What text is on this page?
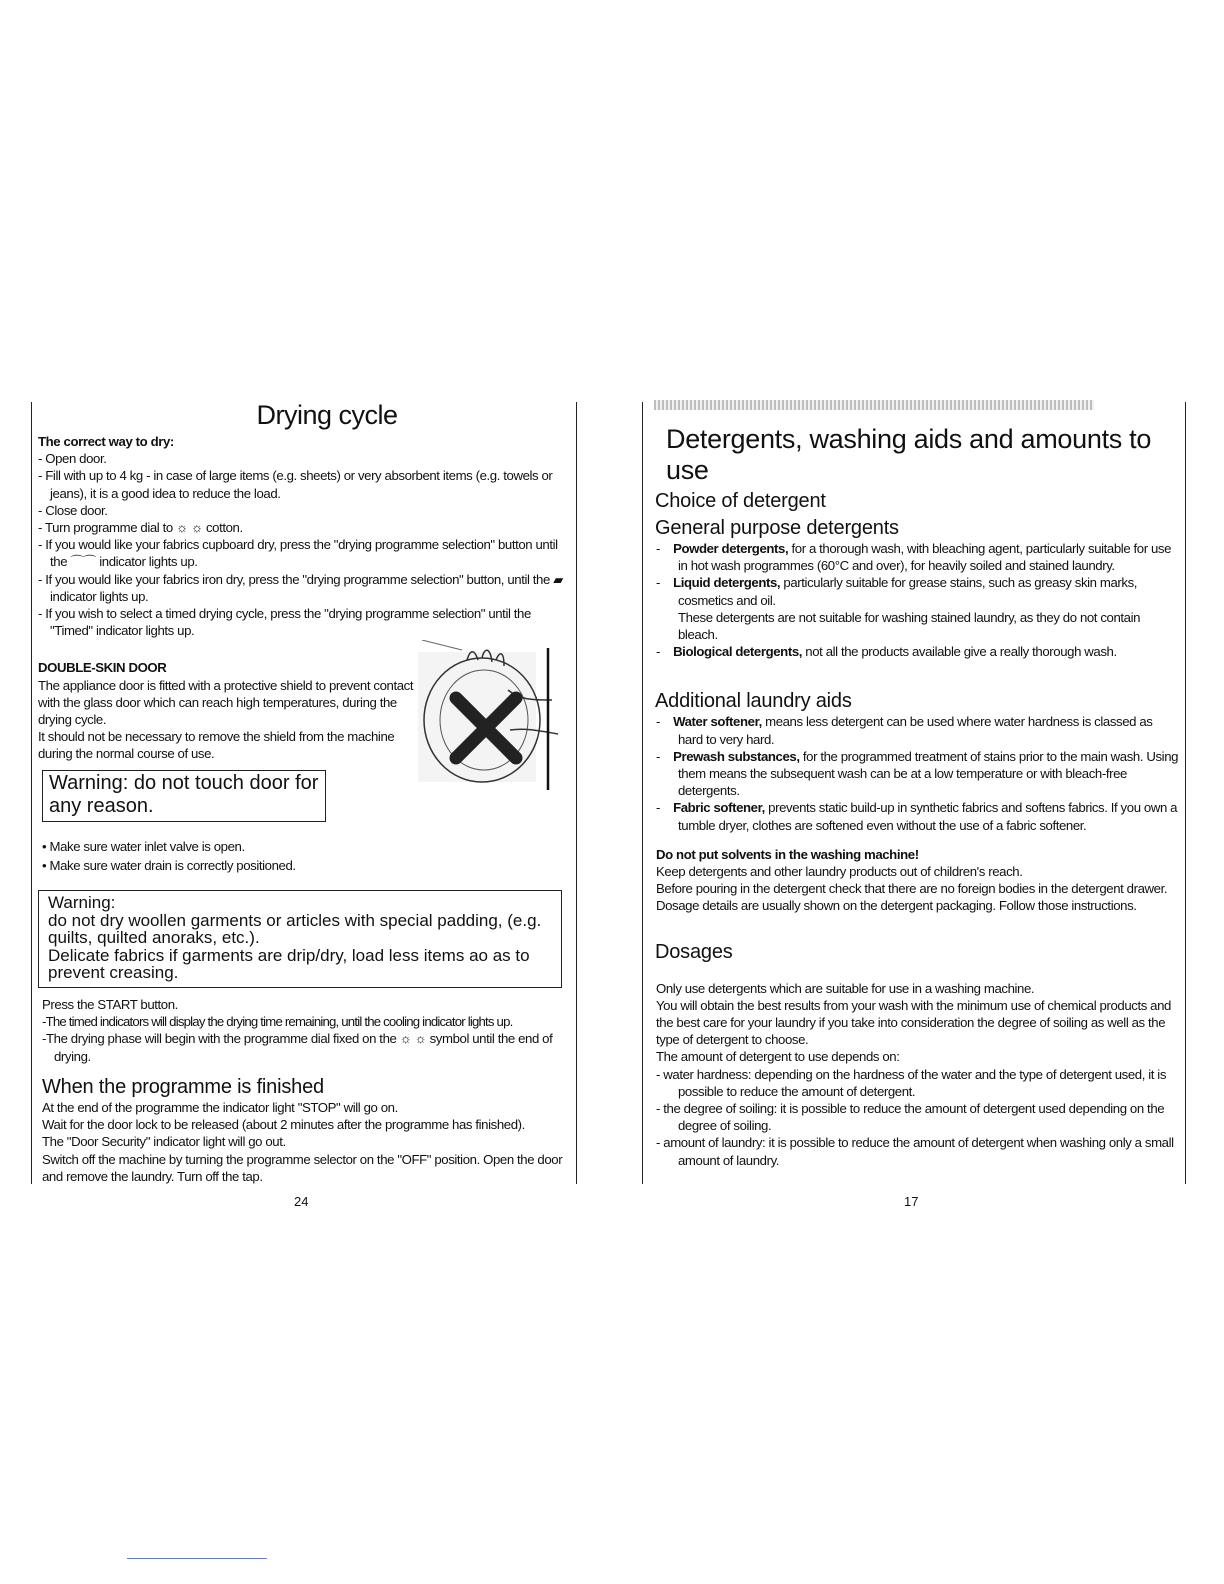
Drying cycle
The correct way to dry:
- Open door.
- Fill with up to 4 kg - in case of large items (e.g. sheets) or very absorbent items (e.g. towels or jeans), it is a good idea to reduce the load.
- Close door.
- Turn programme dial to ☼ ☼ cotton.
- If you would like your fabrics cupboard dry, press the "drying programme selection" button until the ⌒⌒ indicator lights up.
- If you would like your fabrics iron dry, press the "drying programme selection" button, until the ▰ indicator lights up.
- If you wish to select a timed drying cycle, press the "drying programme selection" until the "Timed" indicator lights up.
DOUBLE-SKIN DOOR
The appliance door is fitted with a protective shield to prevent contact with the glass door which can reach high temperatures, during the drying cycle.
It should not be necessary to remove the shield from the machine during the normal course of use.
Warning: do not touch door for any reason.
• Make sure water inlet valve is open.
• Make sure water drain is correctly positioned.
Warning:
do not dry woollen garments or articles with special padding, (e.g. quilts, quilted anoraks, etc.).
Delicate fabrics if garments are drip/dry, load less items ao as to prevent creasing.
Press the START button.
-The timed indicators will display the drying time remaining, until the cooling indicator lights up.
-The drying phase will begin with the programme dial fixed on the ☼ ☼ symbol until the end of drying.
When the programme is finished
At the end of the programme the indicator light "STOP" will go on.
Wait for the door lock to be released (about 2 minutes after the programme has finished).
The "Door Security" indicator light will go out.
Switch off the machine by turning the programme selector on the "OFF" position. Open the door and remove the laundry. Turn off the tap.
24
Detergents, washing aids and amounts to use
Choice of detergent
General purpose detergents
-    Powder detergents, for a thorough wash, with bleaching agent, particularly suitable for use in hot wash programmes (60°C and over), for heavily soiled and stained laundry.
-    Liquid detergents, particularly suitable for grease stains, such as greasy skin marks, cosmetics and oil.
These detergents are not suitable for washing stained laundry, as they do not contain bleach.
-    Biological detergents, not all the products available give a really thorough wash.
Additional laundry aids
-    Water softener, means less detergent can be used where water hardness is classed as hard to very hard.
-    Prewash substances, for the programmed treatment of stains prior to the main wash. Using them means the subsequent wash can be at a low temperature or with bleach-free detergents.
-    Fabric softener, prevents static build-up in synthetic fabrics and softens fabrics. If you own a tumble dryer, clothes are softened even without the use of a fabric softener.
Do not put solvents in the washing machine!
Keep detergents and other laundry products out of children's reach.
Before pouring in the detergent check that there are no foreign bodies in the detergent drawer.
Dosage details are usually shown on the detergent packaging. Follow those instructions.
Dosages
Only use detergents which are suitable for use in a washing machine.
You will obtain the best results from your wash with the minimum use of chemical products and the best care for your laundry if you take into consideration the degree of soiling as well as the type of detergent to choose.
The amount of detergent to use depends on:
- water hardness: depending on the hardness of the water and the type of detergent used, it is possible to reduce the amount of detergent.
- the degree of soiling: it is possible to reduce the amount of detergent used depending on the degree of soiling.
- amount of laundry: it is possible to reduce the amount of detergent when washing only a small amount of laundry.
17
